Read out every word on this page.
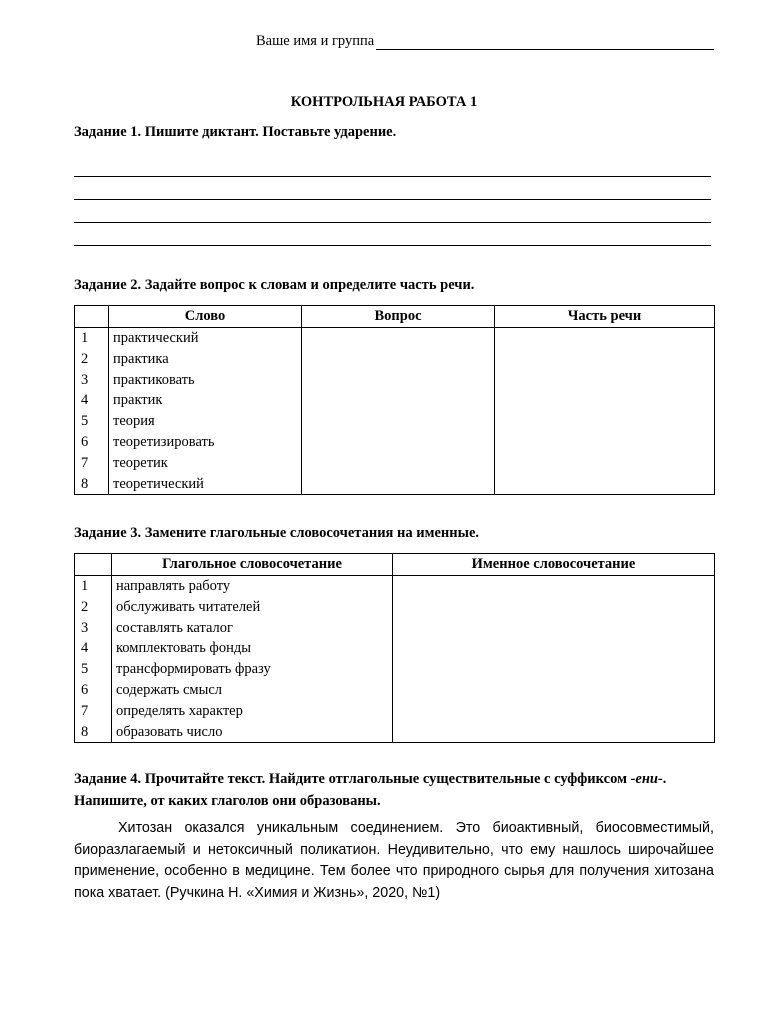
Ваше имя и группа
КОНТРОЛЬНАЯ РАБОТА 1
Задание 1. Пишите диктант. Поставьте ударение.
Задание 2. Задайте вопрос к словам и определите часть речи.
	Слово	Вопрос	Часть речи
1	практический		
2	практика		
3	практиковать		
4	практик		
5	теория		
6	теоретизировать		
7	теоретик		
8	теоретический		
Задание 3. Замените глагольные словосочетания на именные.
	Глагольное словосочетание	Именное словосочетание
1	направлять работу	
2	обслуживать читателей	
3	составлять каталог	
4	комплектовать фонды	
5	трансформировать фразу	
6	содержать смысл	
7	определять характер	
8	образовать число	
Задание 4. Прочитайте текст. Найдите отглагольные существительные с суффиксом -ени-. Напишите, от каких глаголов они образованы.
Хитозан оказался уникальным соединением. Это биоактивный, биосовместимый, биоразлагаемый и нетоксичный поликатион. Неудивительно, что ему нашлось широчайшее применение, особенно в медицине. Тем более что природного сырья для получения хитозана пока хватает. (Ручкина Н. «Химия и Жизнь», 2020, №1)
